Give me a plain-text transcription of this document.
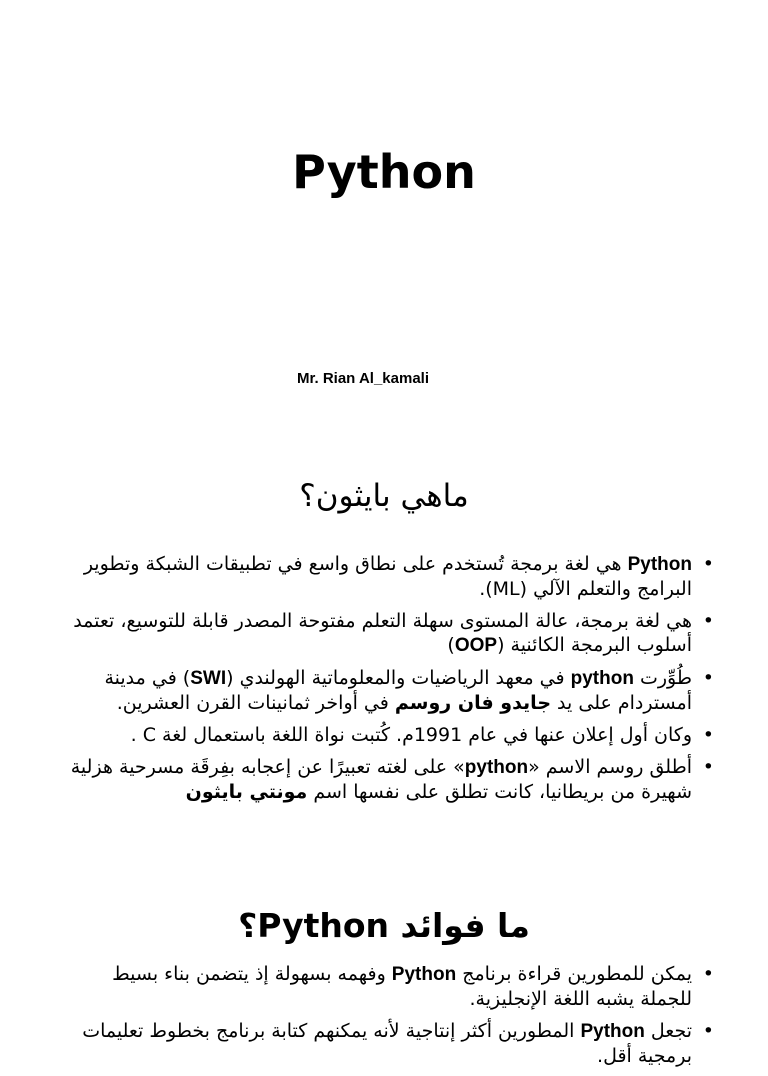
Python
Mr. Rian Al_kamali
ماهي بايثون؟
• Python هي لغة برمجة تُستخدم على نطاق واسع في تطبيقات الشبكة وتطوير البرامج والتعلم الآلي (ML).
• هي لغة برمجة، عالة المستوى سهلة التعلم مفتوحة المصدر قابلة للتوسيع، تعتمد أسلوب البرمجة الكائنية (OOP)
• طُوِّرت python في معهد الرياضيات والمعلوماتية الهولندي (SWI) في مدينة أمستردام على يد جايدو فان روسم في أواخر ثمانينات القرن العشرين.
• وكان أول إعلان عنها في عام 1991م. كُتبت نواة اللغة باستعمال لغة C .
• أطلق روسم الاسم «python» على لغته تعبيرًا عن إعجابه بفِرقَة مسرحية هزلية شهيرة من بريطانيا، كانت تطلق على نفسها اسم مونتي بايثون
ما فوائد Python؟
• يمكن للمطورين قراءة برنامج Python وفهمه بسهولة إذ يتضمن بناء بسيط للجملة يشبه اللغة الإنجليزية.
• تجعل Python المطورين أكثر إنتاجية لأنه يمكنهم كتابة برنامج بخطوط تعليمات برمجية أقل.
